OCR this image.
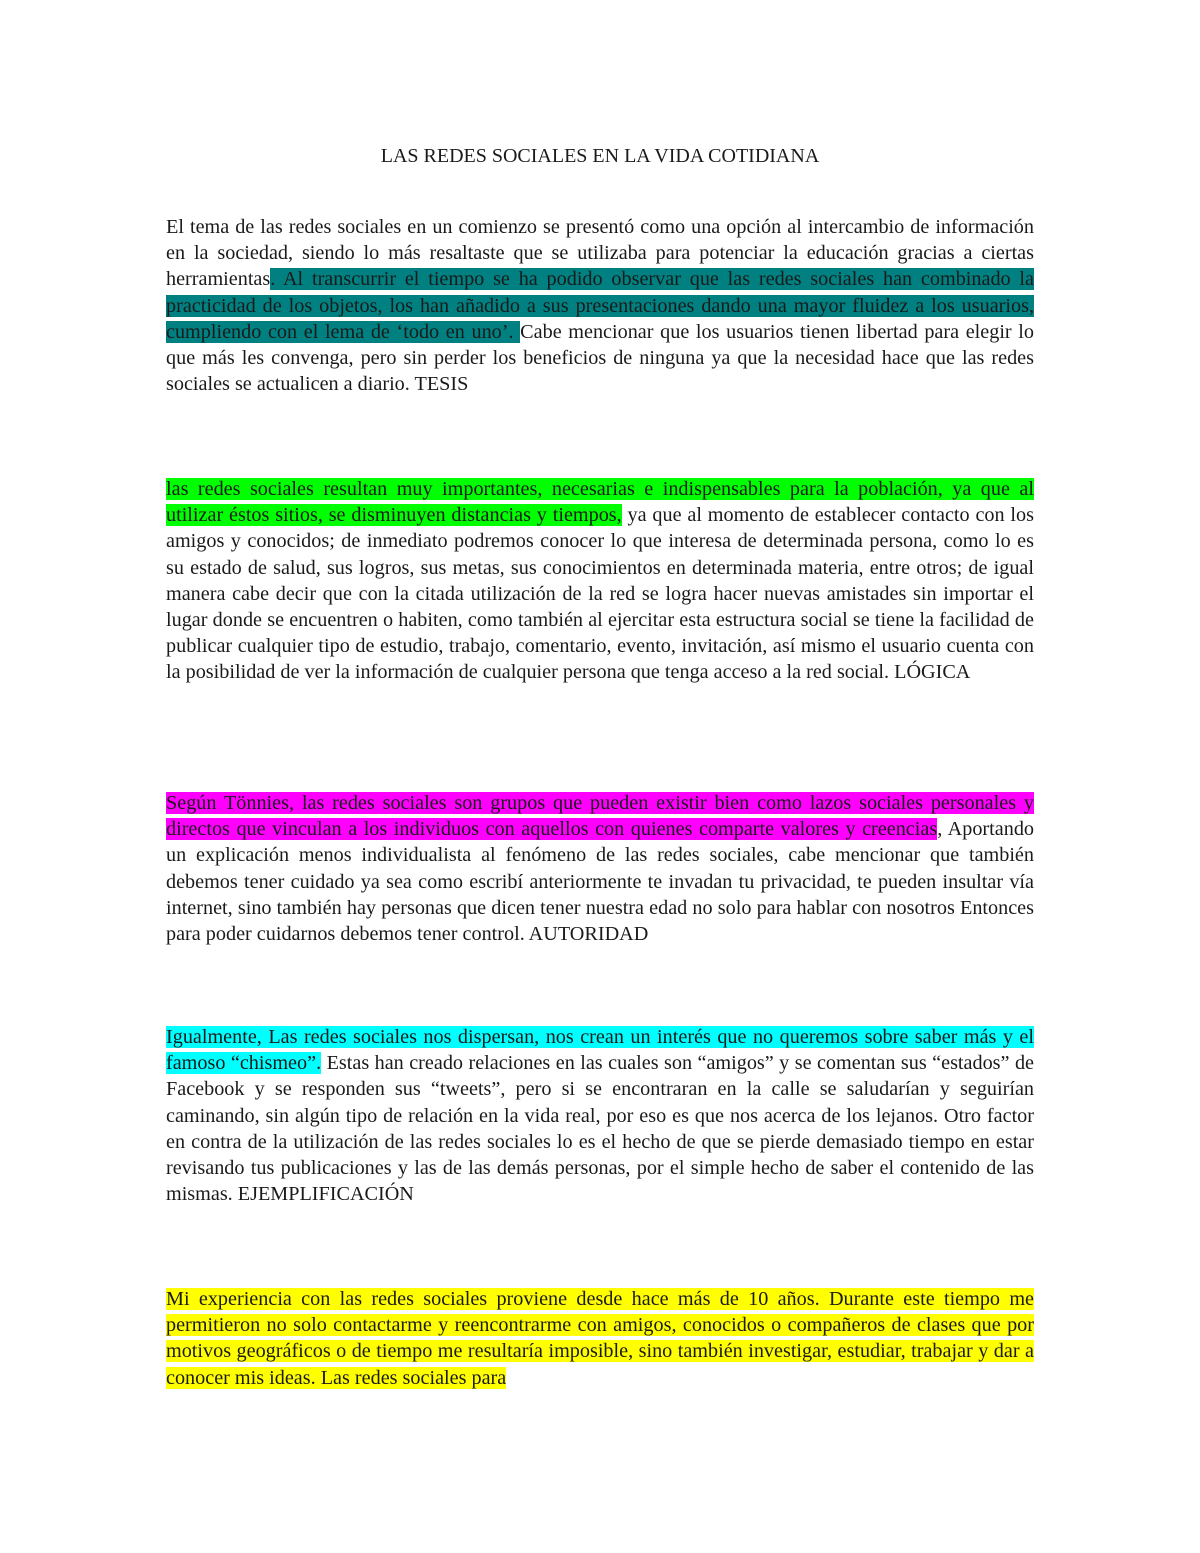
LAS REDES SOCIALES EN LA VIDA COTIDIANA

El tema de las redes sociales en un comienzo se presentó como una opción al intercambio de información en la sociedad, siendo lo más resaltaste que se utilizaba para potenciar la educación gracias a ciertas herramientas. Al transcurrir el tiempo se ha podido observar que las redes sociales han combinado la practicidad de los objetos, los han añadido a sus presentaciones dando una mayor fluidez a los usuarios, cumpliendo con el lema de ‘todo en uno’. Cabe mencionar que los usuarios tienen libertad para elegir lo que más les convenga, pero sin perder los beneficios de ninguna ya que la necesidad hace que las redes sociales se actualicen a diario. TESIS

las redes sociales resultan muy importantes, necesarias e indispensables para la población, ya que al utilizar éstos sitios, se disminuyen distancias y tiempos, ya que al momento de establecer contacto con los amigos y conocidos; de inmediato podremos conocer lo que interesa de determinada persona, como lo es su estado de salud, sus logros, sus metas, sus conocimientos en determinada materia, entre otros; de igual manera cabe decir que con la citada utilización de la red se logra hacer nuevas amistades sin importar el lugar donde se encuentren o habiten, como también al ejercitar esta estructura social se tiene la facilidad de publicar cualquier tipo de estudio, trabajo, comentario, evento, invitación, así mismo el usuario cuenta con la posibilidad de ver la información de cualquier persona que tenga acceso a la red social. LÓGICA

Según Tönnies, las redes sociales son grupos que pueden existir bien como lazos sociales personales y directos que vinculan a los individuos con aquellos con quienes comparte valores y creencias, Aportando un explicación menos individualista al fenómeno de las redes sociales, cabe mencionar que también debemos tener cuidado ya sea como escribí anteriormente te invadan tu privacidad, te pueden insultar vía internet, sino también hay personas que dicen tener nuestra edad no solo para hablar con nosotros Entonces para poder cuidarnos debemos tener control. AUTORIDAD

Igualmente, Las redes sociales nos dispersan, nos crean un interés que no queremos sobre saber más y el famoso “chismeo”. Estas han creado relaciones en las cuales son “amigos” y se comentan sus “estados” de Facebook y se responden sus “tweets”, pero si se encontraran en la calle se saludarían y seguirían caminando, sin algún tipo de relación en la vida real, por eso es que nos acerca de los lejanos. Otro factor en contra de la utilización de las redes sociales lo es el hecho de que se pierde demasiado tiempo en estar revisando tus publicaciones y las de las demás personas, por el simple hecho de saber el contenido de las mismas. EJEMPLIFICACIÓN

Mi experiencia con las redes sociales proviene desde hace más de 10 años. Durante este tiempo me permitieron no solo contactarme y reencontrarme con amigos, conocidos o compañeros de clases que por motivos geográficos o de tiempo me resultaría imposible, sino también investigar, estudiar, trabajar y dar a conocer mis ideas. Las redes sociales para
